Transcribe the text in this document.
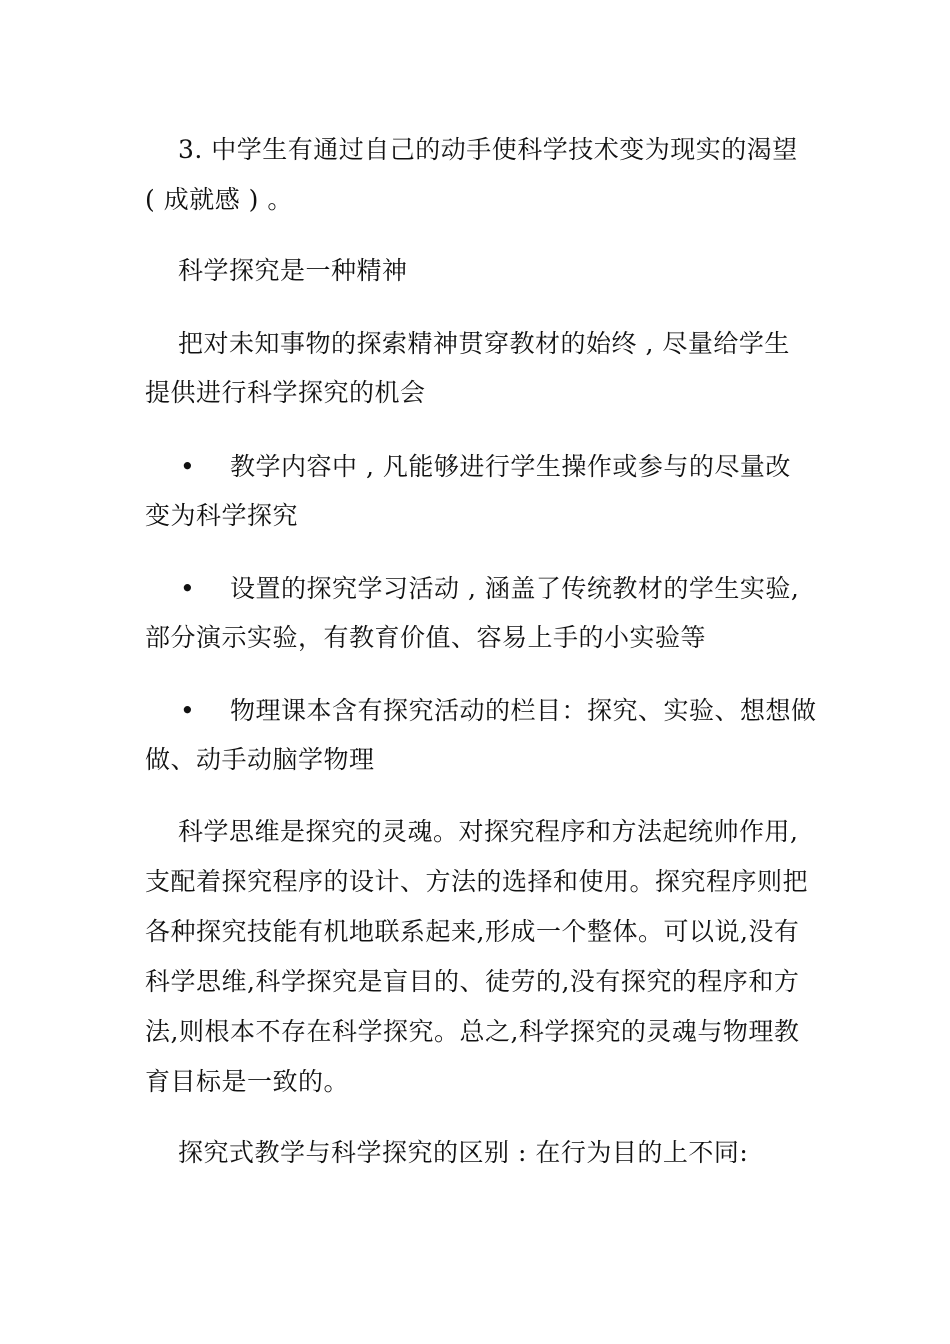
3. 中学生有通过自己的动手使科学技术变为现实的渴望
( 成就感 ) 。
科学探究是一种精神
把对未知事物的探索精神贯穿教材的始终 , 尽量给学生
提供进行科学探究的机会
• 教学内容中 , 凡能够进行学生操作或参与的尽量改
变为科学探究
• 设置的探究学习活动 , 涵盖了传统教材的学生实验,
部分演示实验，有教育价值、容易上手的小实验等
• 物理课本含有探究活动的栏目：探究、实验、想想做
做、动手动脑学物理
科学思维是探究的灵魂。对探究程序和方法起统帅作用,
支配着探究程序的设计、方法的选择和使用。探究程序则把
各种探究技能有机地联系起来,形成一个整体。可以说,没有
科学思维,科学探究是盲目的、徒劳的,没有探究的程序和方
法,则根本不存在科学探究。总之,科学探究的灵魂与物理教
育目标是一致的。
探究式教学与科学探究的区别 : 在行为目的上不同:
